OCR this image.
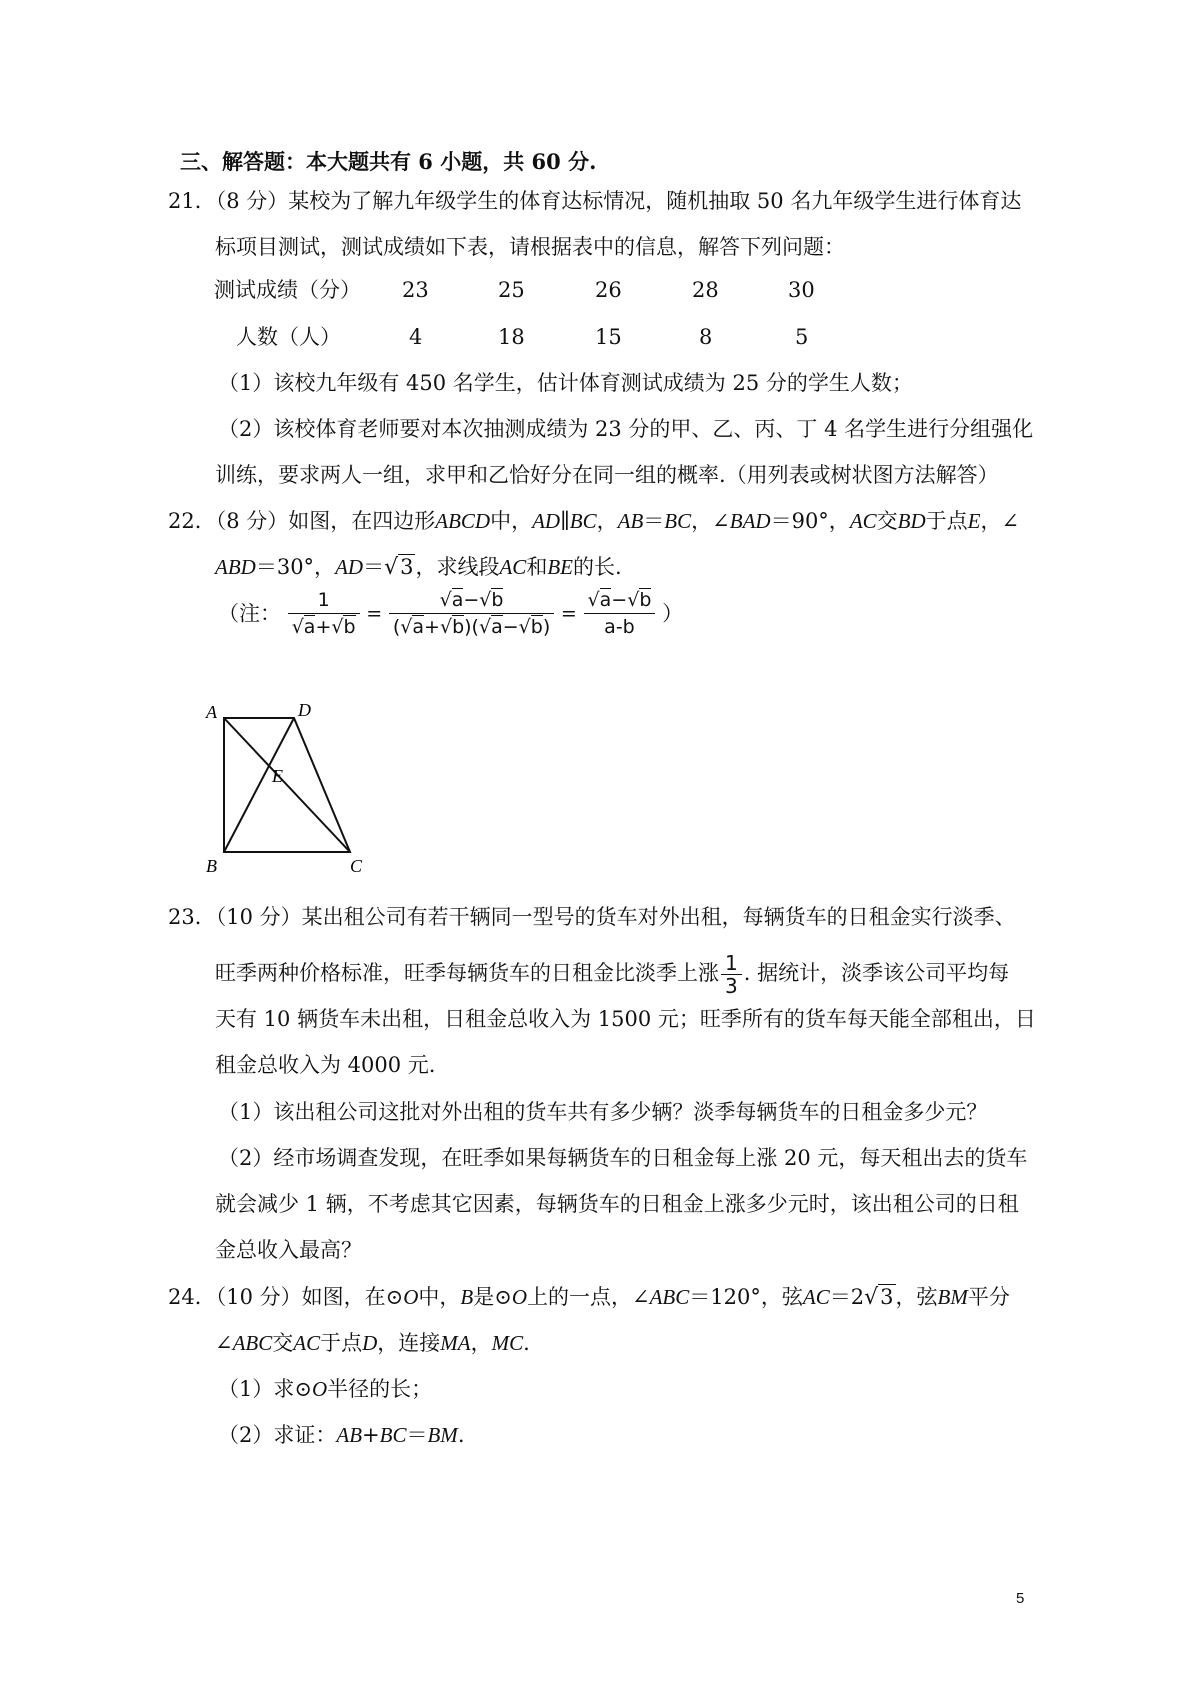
三、解答题：本大题共有 6 小题，共 60 分.
21．（8 分）某校为了解九年级学生的体育达标情况，随机抽取 50 名九年级学生进行体育达
标项目测试，测试成绩如下表，请根据表中的信息，解答下列问题：
测试成绩（分） 23	25	26	28	30
人数（人）	4	18	15	8	5
（1）该校九年级有 450 名学生，估计体育测试成绩为 25 分的学生人数；
（2）该校体育老师要对本次抽测成绩为 23 分的甲、乙、丙、丁 4 名学生进行分组强化
训练，要求两人一组，求甲和乙恰好分在同一组的概率.（用列表或树状图方法解答）
22．（8 分）如图，在四边形ABCD中，AD∥BC，AB＝BC，∠BAD＝90°，AC交BD于点E，∠
ABD＝30°，AD＝√3，求线段AC和BE的长.
（注： $\frac{1}{√a+√b} = \frac{√a-√b}{(√a+√b)(√a-√b)} = \frac{√a-√b}{a-b}$ ）
A	D
E
B	C
23．（10 分）某出租公司有若干辆同一型号的货车对外出租，每辆货车的日租金实行淡季、
旺季两种价格标准，旺季每辆货车的日租金比淡季上涨 $\frac{1}{3}$ . 据统计，淡季该公司平均每
天有 10 辆货车未出租，日租金总收入为 1500 元；旺季所有的货车每天能全部租出，日
租金总收入为 4000 元.
（1）该出租公司这批对外出租的货车共有多少辆？淡季每辆货车的日租金多少元？
（2）经市场调查发现，在旺季如果每辆货车的日租金每上涨 20 元，每天租出去的货车
就会减少 1 辆，不考虑其它因素，每辆货车的日租金上涨多少元时，该出租公司的日租
金总收入最高？
24．（10 分）如图，在⊙O中，B是⊙O上的一点，∠ABC＝120°，弦AC＝2√3，弦BM平分
∠ABC交AC于点D，连接MA，MC.
（1）求⊙O半径的长；
（2）求证：AB+BC＝BM.
5
